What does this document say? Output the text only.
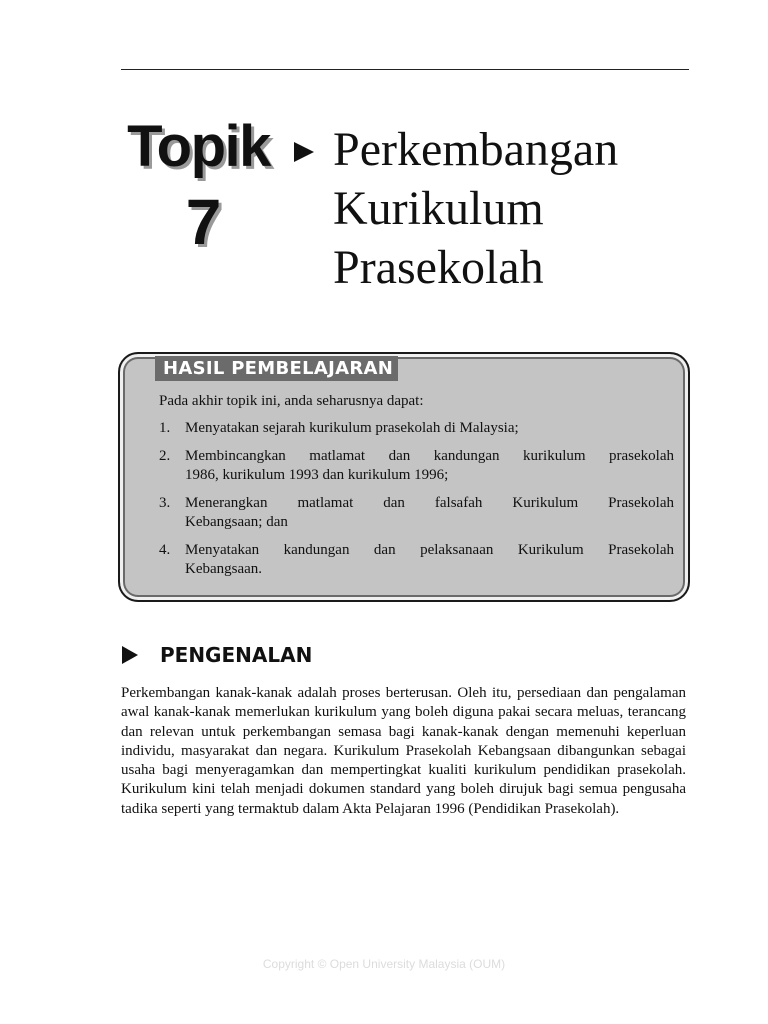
Topik
7
Perkembangan
Kurikulum
Prasekolah
HASIL PEMBELAJARAN
Pada akhir topik ini, anda seharusnya dapat:
1. Menyatakan sejarah kurikulum prasekolah di Malaysia;
2. Membincangkan matlamat dan kandungan kurikulum prasekolah
1986, kurikulum 1993 dan kurikulum 1996;
3. Menerangkan matlamat dan falsafah Kurikulum Prasekolah
Kebangsaan; dan
4. Menyatakan kandungan dan pelaksanaan Kurikulum Prasekolah
Kebangsaan.
PENGENALAN

Perkembangan kanak-kanak adalah proses berterusan. Oleh itu, persediaan dan pengalaman awal kanak-kanak memerlukan kurikulum yang boleh diguna pakai secara meluas, terancang dan relevan untuk perkembangan semasa bagi kanak-kanak dengan memenuhi keperluan individu, masyarakat dan negara. Kurikulum Prasekolah Kebangsaan dibangunkan sebagai usaha bagi menyeragamkan dan mempertingkat kualiti kurikulum pendidikan prasekolah. Kurikulum kini telah menjadi dokumen standard yang boleh dirujuk bagi semua pengusaha tadika seperti yang termaktub dalam Akta Pelajaran 1996 (Pendidikan Prasekolah).

Copyright © Open University Malaysia (OUM)
